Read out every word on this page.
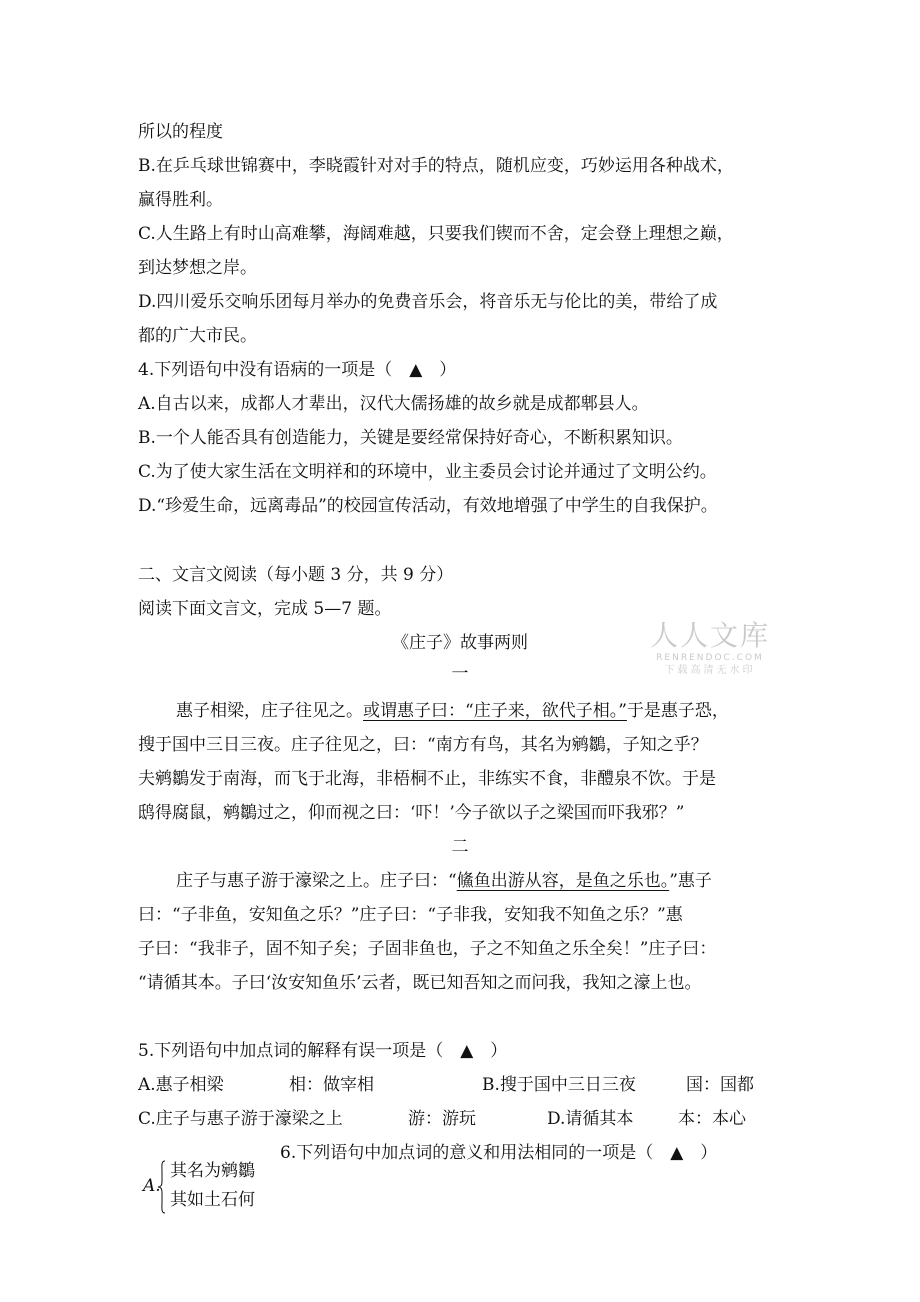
人人文库
RENRENDOC.COM
下载高清无水印
所以的程度
B.在乒乓球世锦赛中，李晓霞针对对手的特点，随机应变，巧妙运用各种战术，
赢得胜利。
C.人生路上有时山高难攀，海阔难越，只要我们锲而不舍，定会登上理想之巅，
到达梦想之岸。
D.四川爱乐交响乐团每月举办的免费音乐会，将音乐无与伦比的美，带给了成
都的广大市民。
4.下列语句中没有语病的一项是（　▲　）
A.自古以来，成都人才辈出，汉代大儒扬雄的故乡就是成都郫县人。
B.一个人能否具有创造能力，关键是要经常保持好奇心，不断积累知识。
C.为了使大家生活在文明祥和的环境中，业主委员会讨论并通过了文明公约。
D.“珍爱生命，远离毒品”的校园宣传活动，有效地增强了中学生的自我保护。
二、文言文阅读（每小题 3 分，共 9 分）
阅读下面文言文，完成 5—7 题。
《庄子》故事两则
一
惠子相梁，庄子往见之。或谓惠子曰：“庄子来，欲代子相。”于是惠子恐，
搜于国中三日三夜。庄子往见之，曰：“南方有鸟，其名为鹓鶵，子知之乎？
夫鹓鶵发于南海，而飞于北海，非梧桐不止，非练实不食，非醴泉不饮。于是
鸱得腐鼠，鹓鶵过之，仰而视之曰：‘吓！’今子欲以子之梁国而吓我邪？”
二
庄子与惠子游于濠梁之上。庄子曰：“鯈鱼出游从容，是鱼之乐也。”惠子
曰：“子非鱼，安知鱼之乐？”庄子曰：“子非我，安知我不知鱼之乐？”惠
子曰：“我非子，固不知子矣；子固非鱼也，子之不知鱼之乐全矣！”庄子曰：
“请循其本。子曰‘汝安知鱼乐’云者，既已知吾知之而问我，我知之濠上也。
5.下列语句中加点词的解释有误一项是（　▲　）
A.惠子相梁	相：做宰相	B.搜于国中三日三夜	国：国都
C.庄子与惠子游于濠梁之上	游：游玩	D.请循其本	本：本心
6.下列语句中加点词的意义和用法相同的一项是（　▲　）
A.
其名为鹓鶵
其如土石何
